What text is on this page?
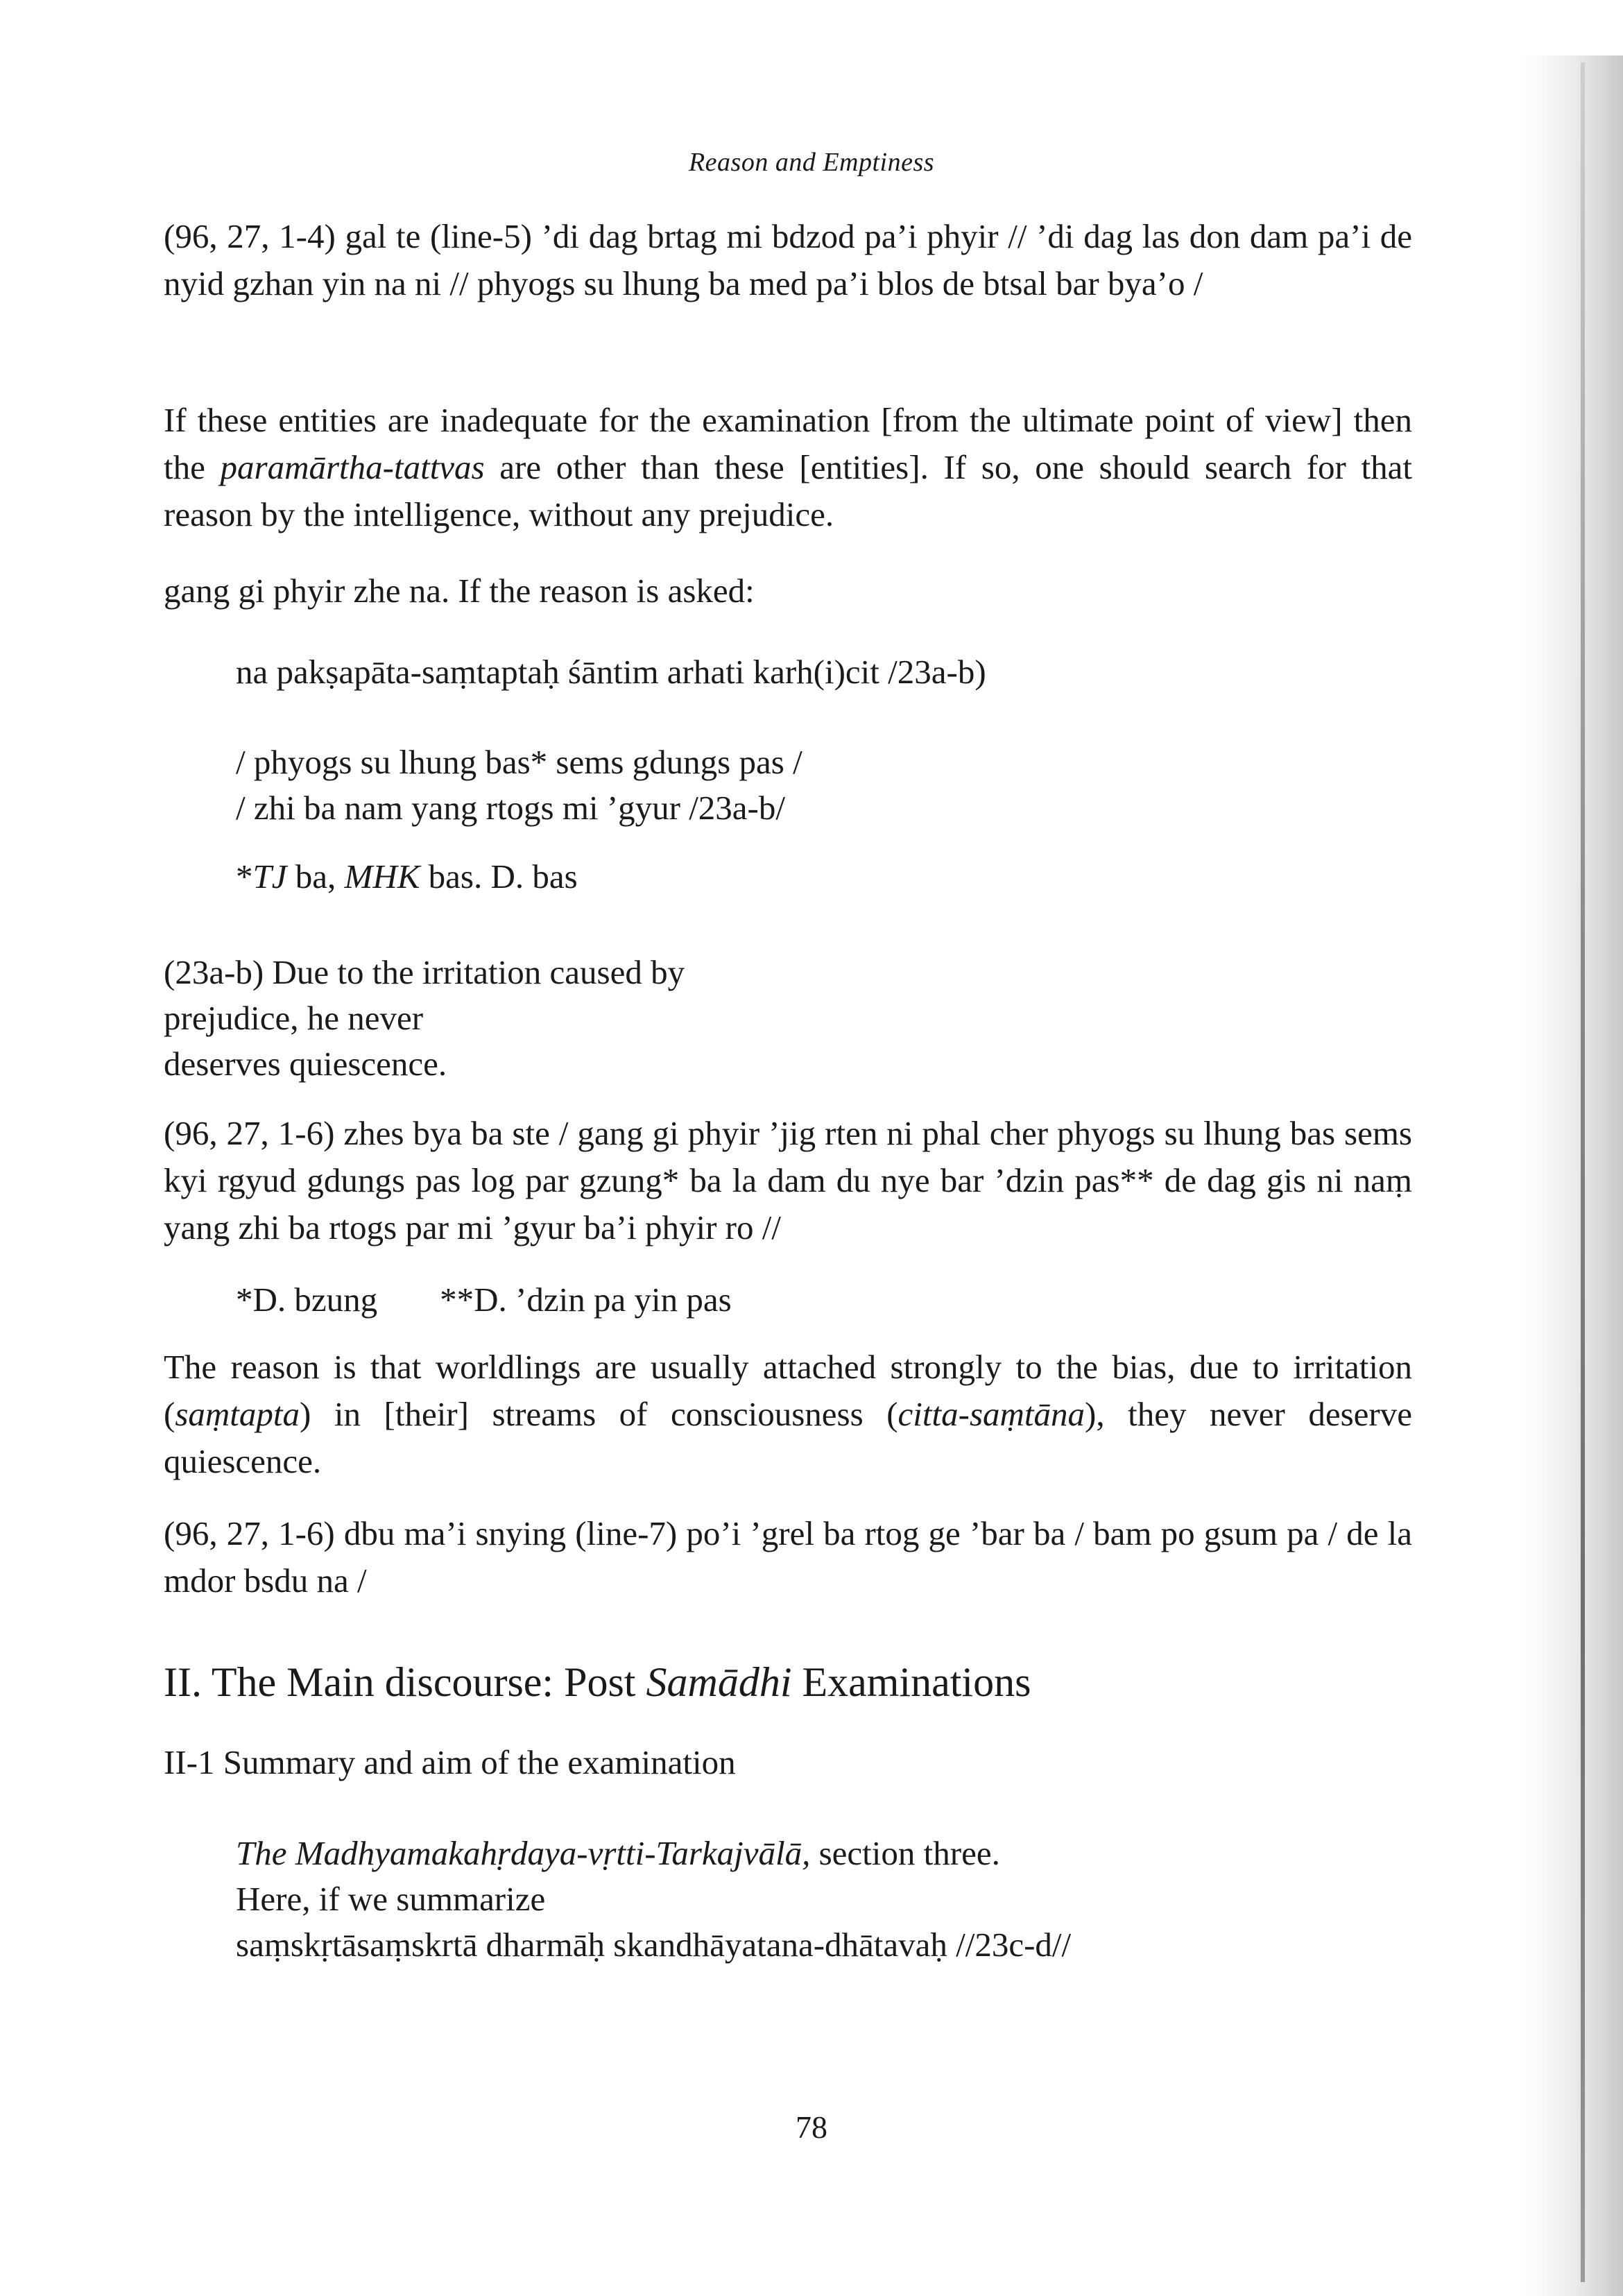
Reason and Emptiness

(96, 27, 1-4) gal te (line-5) ’di dag brtag mi bdzod pa’i phyir // ’di dag las don dam pa’i de nyid gzhan yin na ni // phyogs su lhung ba med pa’i blos de btsal bar bya’o /

If these entities are inadequate for the examination [from the ultimate point of view] then the paramārtha-tattvas are other than these [entities]. If so, one should search for that reason by the intelligence, without any prejudice.

gang gi phyir zhe na. If the reason is asked:

na pakṣapāta-saṃtaptaḥ śāntim arhati karh(i)cit /23a-b)

/ phyogs su lhung bas* sems gdungs pas /

/ zhi ba nam yang rtogs mi ’gyur /23a-b/

*TJ ba, MHK bas. D. bas

(23a-b) Due to the irritation caused by

prejudice, he never

deserves quiescence.

(96, 27, 1-6) zhes bya ba ste / gang gi phyir ’jig rten ni phal cher phyogs su lhung bas sems kyi rgyud gdungs pas log par gzung* ba la dam du nye bar ’dzin pas** de dag gis ni naṃ yang zhi ba rtogs par mi ’gyur ba’i phyir ro //

*D. bzung **D. ’dzin pa yin pas

The reason is that worldlings are usually attached strongly to the bias, due to irritation (saṃtapta) in [their] streams of consciousness (citta-saṃtāna), they never deserve quiescence.

(96, 27, 1-6) dbu ma’i snying (line-7) po’i ’grel ba rtog ge ’bar ba / bam po gsum pa / de la mdor bsdu na /

II. The Main discourse: Post Samādhi Examinations

II-1 Summary and aim of the examination

The Madhyamakahṛdaya-vṛtti-Tarkajvālā, section three.

Here, if we summarize

saṃskṛtāsaṃskrtā dharmāḥ skandhāyatana-dhātavaḥ //23c-d//

78
